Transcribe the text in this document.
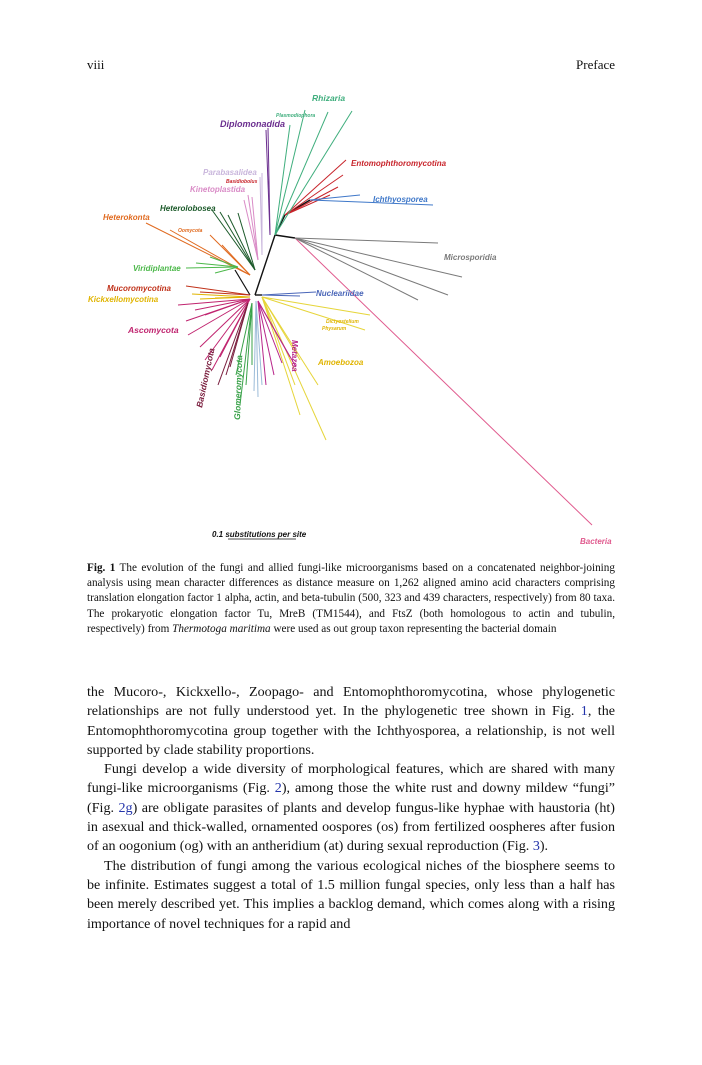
viii	Preface
Rhizaria
Plasmodiophora
Diplomonadida
Entomophthoromycotina
Parabasalidea
Basidiobolus
Kinetoplastida
Ichthyosporea
Heterolobosea
Heterokonta
Oomycota
Microsporidia
Viridiplantae
Mucoromycotina
Kickxellomycotina
Nucleariidae
Dictyostelium
Physarum
Ascomycota
Amoebozoa
Metazoa
Basidiomycota Glomeromycota
Bacteria
0.1 substitutions per site
Fig. 1 The evolution of the fungi and allied fungi-like microorganisms based on a concatenated neighbor-joining analysis using mean character differences as distance measure on 1,262 aligned amino acid characters comprising translation elongation factor 1 alpha, actin, and beta-tubulin (500, 323 and 439 characters, respectively) from 80 taxa. The prokaryotic elongation factor Tu, MreB (TM1544), and FtsZ (both homologous to actin and tubulin, respectively) from Thermotoga maritima were used as out group taxon representing the bacterial domain

the Mucoro-, Kickxello-, Zoopago- and Entomophthoromycotina, whose phylogenetic relationships are not fully understood yet. In the phylogenetic tree shown in Fig. 1, the Entomophthoromycotina group together with the Ichthyosporea, a relationship, is not well supported by clade stability proportions.

Fungi develop a wide diversity of morphological features, which are shared with many fungi-like microorganisms (Fig. 2), among those the white rust and downy mildew “fungi” (Fig. 2g) are obligate parasites of plants and develop fungus-like hyphae with haustoria (ht) in asexual and thick-walled, ornamented oospores (os) from fertilized oospheres after fusion of an oogonium (og) with an antheridium (at) during sexual reproduction (Fig. 3).

The distribution of fungi among the various ecological niches of the biosphere seems to be infinite. Estimates suggest a total of 1.5 million fungal species, only less than a half has been merely described yet. This implies a backlog demand, which comes along with a rising importance of novel techniques for a rapid and
